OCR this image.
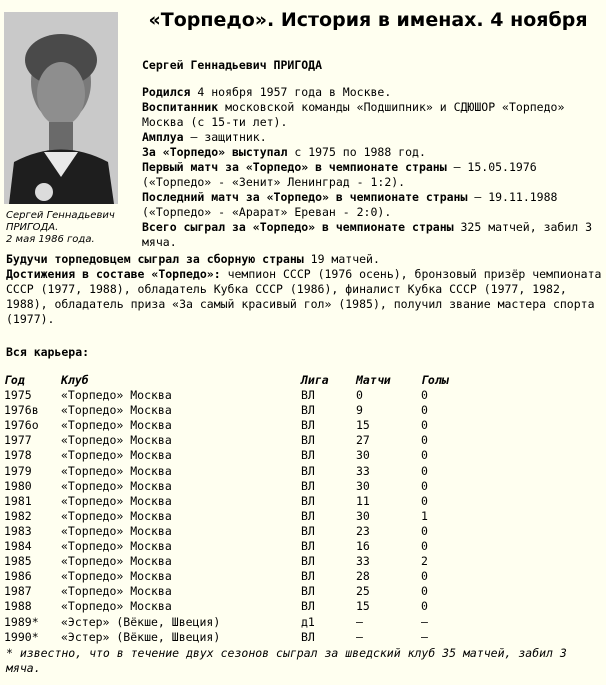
«Торпедо». История в именах. 4 ноября
Сергей Геннадьевич
ПРИГОДА.
2 мая 1986 года.

Сергей Геннадьевич ПРИГОДА

Родился 4 ноября 1957 года в Москве.

Воспитанник московской команды «Подшипник» и СДЮШОР «Торпедо» Москва (с 15-ти лет).

Амплуа – защитник.

За «Торпедо» выступал с 1975 по 1988 год.

Первый матч за «Торпедо» в чемпионате страны – 15.05.1976 («Торпедо» - «Зенит» Ленинград - 1:2).

Последний матч за «Торпедо» в чемпионате страны – 19.11.1988 («Торпедо» - «Арарат» Ереван - 2:0).

Всего сыграл за «Торпедо» в чемпионате страны 325 матчей, забил 3 мяча.

Будучи торпедовцем сыграл за сборную страны 19 матчей.

Достижения в составе «Торпедо»: чемпион СССР (1976 осень), бронзовый призёр чемпионата СССР (1977, 1988), обладатель Кубка СССР (1986), финалист Кубка СССР (1977, 1982, 1988), обладатель приза «За самый красивый гол» (1985), получил звание мастера спорта (1977).

Вся карьера:
Год	Клуб	Лига	Матчи	Голы
1975	«Торпедо» Москва	ВЛ	0	0
1976в	«Торпедо» Москва	ВЛ	9	0
1976о	«Торпедо» Москва	ВЛ	15	0
1977	«Торпедо» Москва	ВЛ	27	0
1978	«Торпедо» Москва	ВЛ	30	0
1979	«Торпедо» Москва	ВЛ	33	0
1980	«Торпедо» Москва	ВЛ	30	0
1981	«Торпедо» Москва	ВЛ	11	0
1982	«Торпедо» Москва	ВЛ	30	1
1983	«Торпедо» Москва	ВЛ	23	0
1984	«Торпедо» Москва	ВЛ	16	0
1985	«Торпедо» Москва	ВЛ	33	2
1986	«Торпедо» Москва	ВЛ	28	0
1987	«Торпедо» Москва	ВЛ	25	0
1988	«Торпедо» Москва	ВЛ	15	0
1989*	«Эстер» (Вёкше, Швеция)	д1	–	–
1990*	«Эстер» (Вёкше, Швеция)	ВЛ	–	–
* известно, что в течение двух сезонов сыграл за шведский клуб 35 матчей, забил 3 мяча.
